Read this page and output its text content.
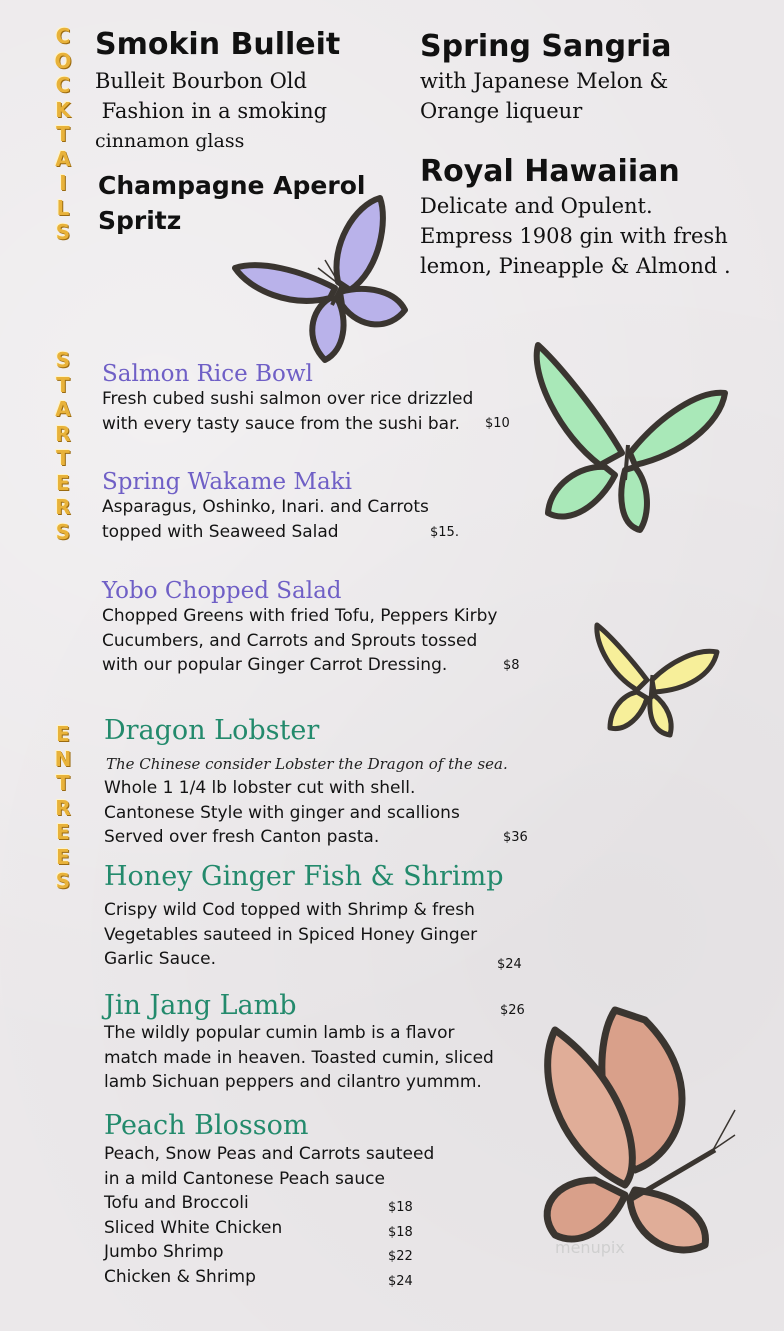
C
O
C
K
T
A
I
L
S
S
T
A
R
T
E
R
S
E
N
T
R
E
E
S
Smokin Bulleit
Bulleit Bourbon Old
Fashion in a smoking
cinnamon glass
Spring Sangria
with Japanese Melon &
Orange liqueur
Champagne Aperol
Spritz
Royal Hawaiian
Delicate and Opulent.
Empress 1908 gin with fresh
lemon, Pineapple & Almond .
Salmon Rice Bowl
Fresh cubed sushi salmon over rice drizzled
with every tasty sauce from the sushi bar.	$10
Spring Wakame Maki
Asparagus, Oshinko, Inari. and Carrots
topped with Seaweed Salad	$15.
Yobo Chopped Salad
Chopped Greens with fried Tofu, Peppers Kirby
Cucumbers, and Carrots and Sprouts tossed
with our popular Ginger Carrot Dressing.	$8
Dragon Lobster
The Chinese consider Lobster the Dragon of the sea.
Whole 1 1/4 lb lobster cut with shell.
Cantonese Style with ginger and scallions
Served over fresh Canton pasta.	$36
Honey Ginger Fish & Shrimp
Crispy wild Cod topped with Shrimp & fresh
Vegetables sauteed in Spiced Honey Ginger
Garlic Sauce.	$24
Jin Jang Lamb	$26
The wildly popular cumin lamb is a flavor
match made in heaven. Toasted cumin, sliced
lamb Sichuan peppers and cilantro yummm.
Peach Blossom
Peach, Snow Peas and Carrots sauteed
in a mild Cantonese Peach sauce
Tofu and Broccoli	$18
Sliced White Chicken	$18
Jumbo Shrimp	$22
Chicken & Shrimp	$24
menupix
